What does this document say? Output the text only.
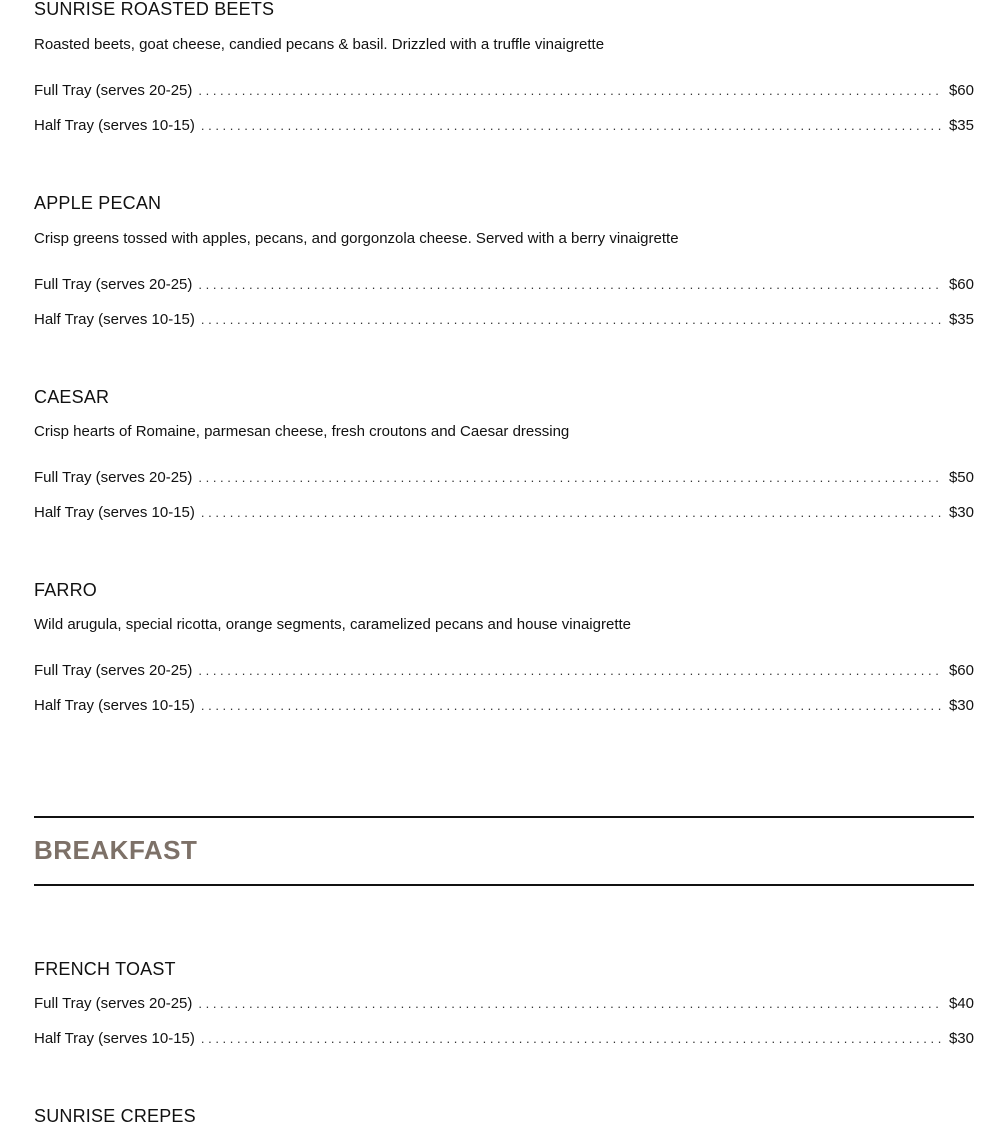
SUNRISE ROASTED BEETS

Roasted beets, goat cheese, candied pecans & basil. Drizzled with a truffle vinaigrette

Full Tray (serves 20-25) . . .	$60
Half Tray (serves 10-15) . . .	$35
APPLE PECAN

Crisp greens tossed with apples, pecans, and gorgonzola cheese. Served with a berry vinaigrette

Full Tray (serves 20-25) . . .	$60
Half Tray (serves 10-15) . . .	$35
CAESAR

Crisp hearts of Romaine, parmesan cheese, fresh croutons and Caesar dressing

Full Tray (serves 20-25) . . .	$50
Half Tray (serves 10-15) . . .	$30
FARRO

Wild arugula, special ricotta, orange segments, caramelized pecans and house vinaigrette

Full Tray (serves 20-25) . . .	$60
Half Tray (serves 10-15) . . .	$30
BREAKFAST
FRENCH TOAST
Full Tray (serves 20-25) . . .	$40
Half Tray (serves 10-15) . . .	$30
SUNRISE CREPES
